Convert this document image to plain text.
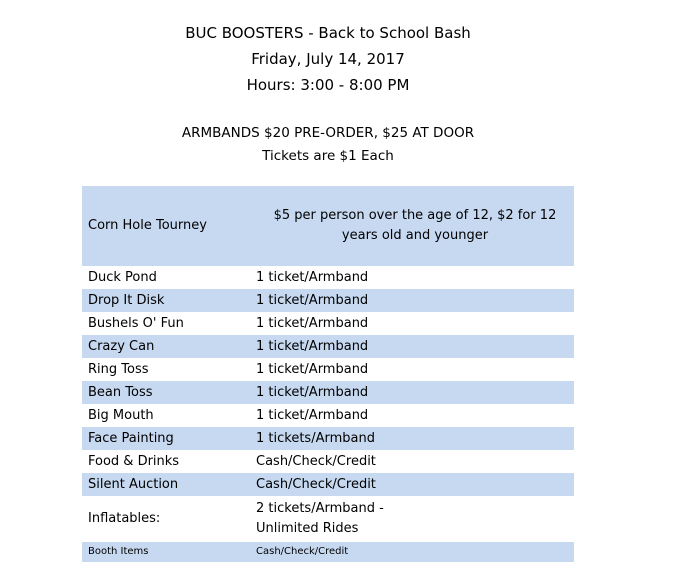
BUC BOOSTERS - Back to School Bash
Friday, July 14, 2017
Hours: 3:00 - 8:00 PM
ARMBANDS $20 PRE-ORDER, $25 AT DOOR
Tickets are $1 Each
Corn Hole Tourney	$5 per person over the age of 12, $2 for 12 years old and younger
Duck Pond	1 ticket/Armband
Drop It Disk	1 ticket/Armband
Bushels O' Fun	1 ticket/Armband
Crazy Can	1 ticket/Armband
Ring Toss	1 ticket/Armband
Bean Toss	1 ticket/Armband
Big Mouth	1 ticket/Armband
Face Painting	1 tickets/Armband
Food & Drinks	Cash/Check/Credit
Silent Auction	Cash/Check/Credit
Inflatables:	2 tickets/Armband - Unlimited Rides
Booth Items	Cash/Check/Credit
